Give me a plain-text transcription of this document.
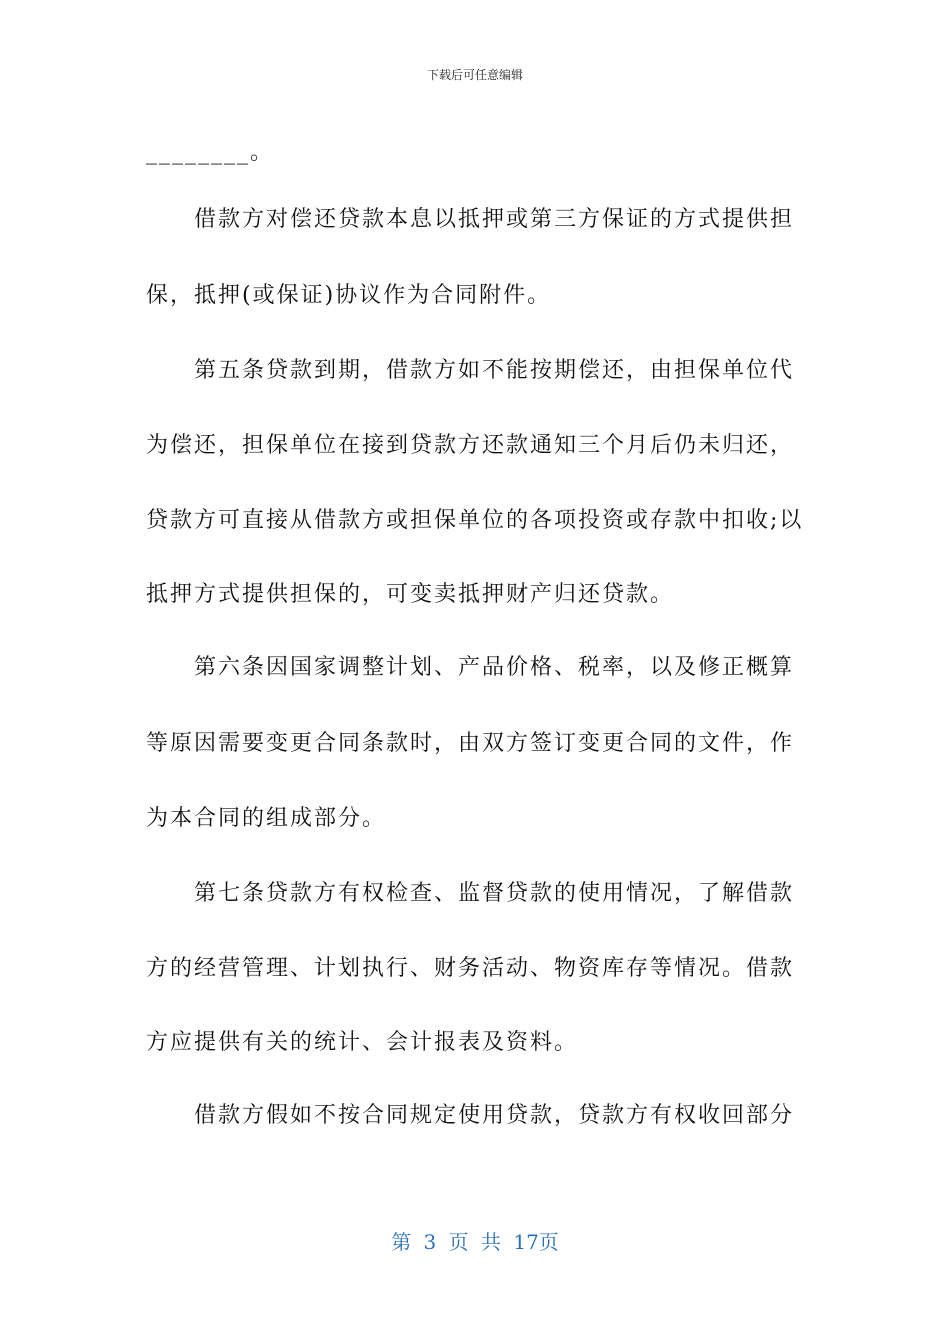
下载后可任意编辑
________。
借款方对偿还贷款本息以抵押或第三方保证的方式提供担
保，抵押(或保证)协议作为合同附件。
第五条贷款到期，借款方如不能按期偿还，由担保单位代
为偿还，担保单位在接到贷款方还款通知三个月后仍未归还，
贷款方可直接从借款方或担保单位的各项投资或存款中扣收;以
抵押方式提供担保的，可变卖抵押财产归还贷款。
第六条因国家调整计划、产品价格、税率，以及修正概算
等原因需要变更合同条款时，由双方签订变更合同的文件，作
为本合同的组成部分。
第七条贷款方有权检查、监督贷款的使用情况，了解借款
方的经营管理、计划执行、财务活动、物资库存等情况。借款
方应提供有关的统计、会计报表及资料。
借款方假如不按合同规定使用贷款，贷款方有权收回部分
第 3 页 共 17页
